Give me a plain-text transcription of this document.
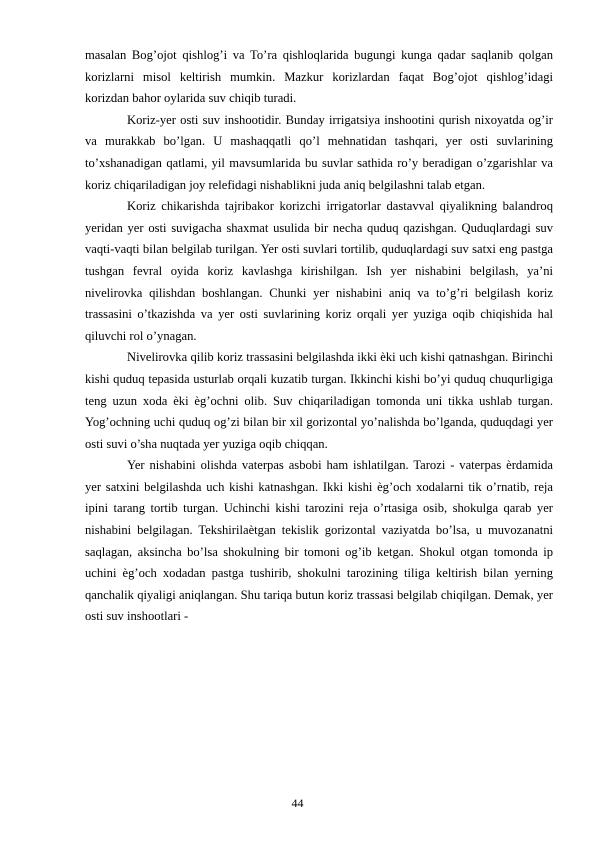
masalan Bog’ojot qishlog’i va To’ra qishloqlarida bugungi kunga qadar saqlanib qolgan korizlarni misol keltirish mumkin. Mazkur korizlardan faqat Bog’ojot qishlog’idagi korizdan bahor oylarida suv chiqib turadi.

Koriz-yer osti suv inshootidir. Bunday irrigatsiya inshootini qurish nixoyatda og’ir va murakkab bo’lgan. U mashaqqatli qo’l mehnatidan tashqari, yer osti suvlarining to’xshanadigan qatlami, yil mavsumlarida bu suvlar sathida ro’y beradigan o’zgarishlar va koriz chiqariladigan joy relefidagi nishablikni juda aniq belgilashni talab etgan.

Koriz chikarishda tajribakor korizchi irrigatorlar dastavval qiyalikning balandroq yeridan yer osti suvigacha shaxmat usulida bir necha quduq qazishgan. Quduqlardagi suv vaqti-vaqti bilan belgilab turilgan. Yer osti suvlari tortilib, quduqlardagi suv satxi eng pastga tushgan fevral oyida koriz kavlashga kirishilgan. Ish yer nishabini belgilash, ya’ni nivelirovka qilishdan boshlangan. Chunki yer nishabini aniq va to’g’ri belgilash koriz trassasini o’tkazishda va yer osti suvlarining koriz orqali yer yuziga oqib chiqishida hal qiluvchi rol o’ynagan.

Nivelirovka qilib koriz trassasini belgilashda ikki èki uch kishi qatnashgan. Birinchi kishi quduq tepasida usturlab orqali kuzatib turgan. Ikkinchi kishi bo’yi quduq chuqurligiga teng uzun xoda èki èg’ochni olib. Suv chiqariladigan tomonda uni tikka ushlab turgan. Yog’ochning uchi quduq og’zi bilan bir xil gorizontal yo’nalishda bo’lganda, quduqdagi yer osti suvi o’sha nuqtada yer yuziga oqib chiqqan.

Yer nishabini olishda vaterpas asbobi ham ishlatilgan. Tarozi - vaterpas èrdamida yer satxini belgilashda uch kishi katnashgan. Ikki kishi èg’och xodalarni tik o’rnatib, reja ipini tarang tortib turgan. Uchinchi kishi tarozini reja o’rtasiga osib, shokulga qarab yer nishabini belgilagan. Tekshirilaètgan tekislik gorizontal vaziyatda bo’lsa, u muvozanatni saqlagan, aksincha bo’lsa shokulning bir tomoni og’ib ketgan. Shokul otgan tomonda ip uchini èg’och xodadan pastga tushirib, shokulni tarozining tiliga keltirish bilan yerning qanchalik qiyaligi aniqlangan. Shu tariqa butun koriz trassasi belgilab chiqilgan. Demak, yer osti suv inshootlari -

44
